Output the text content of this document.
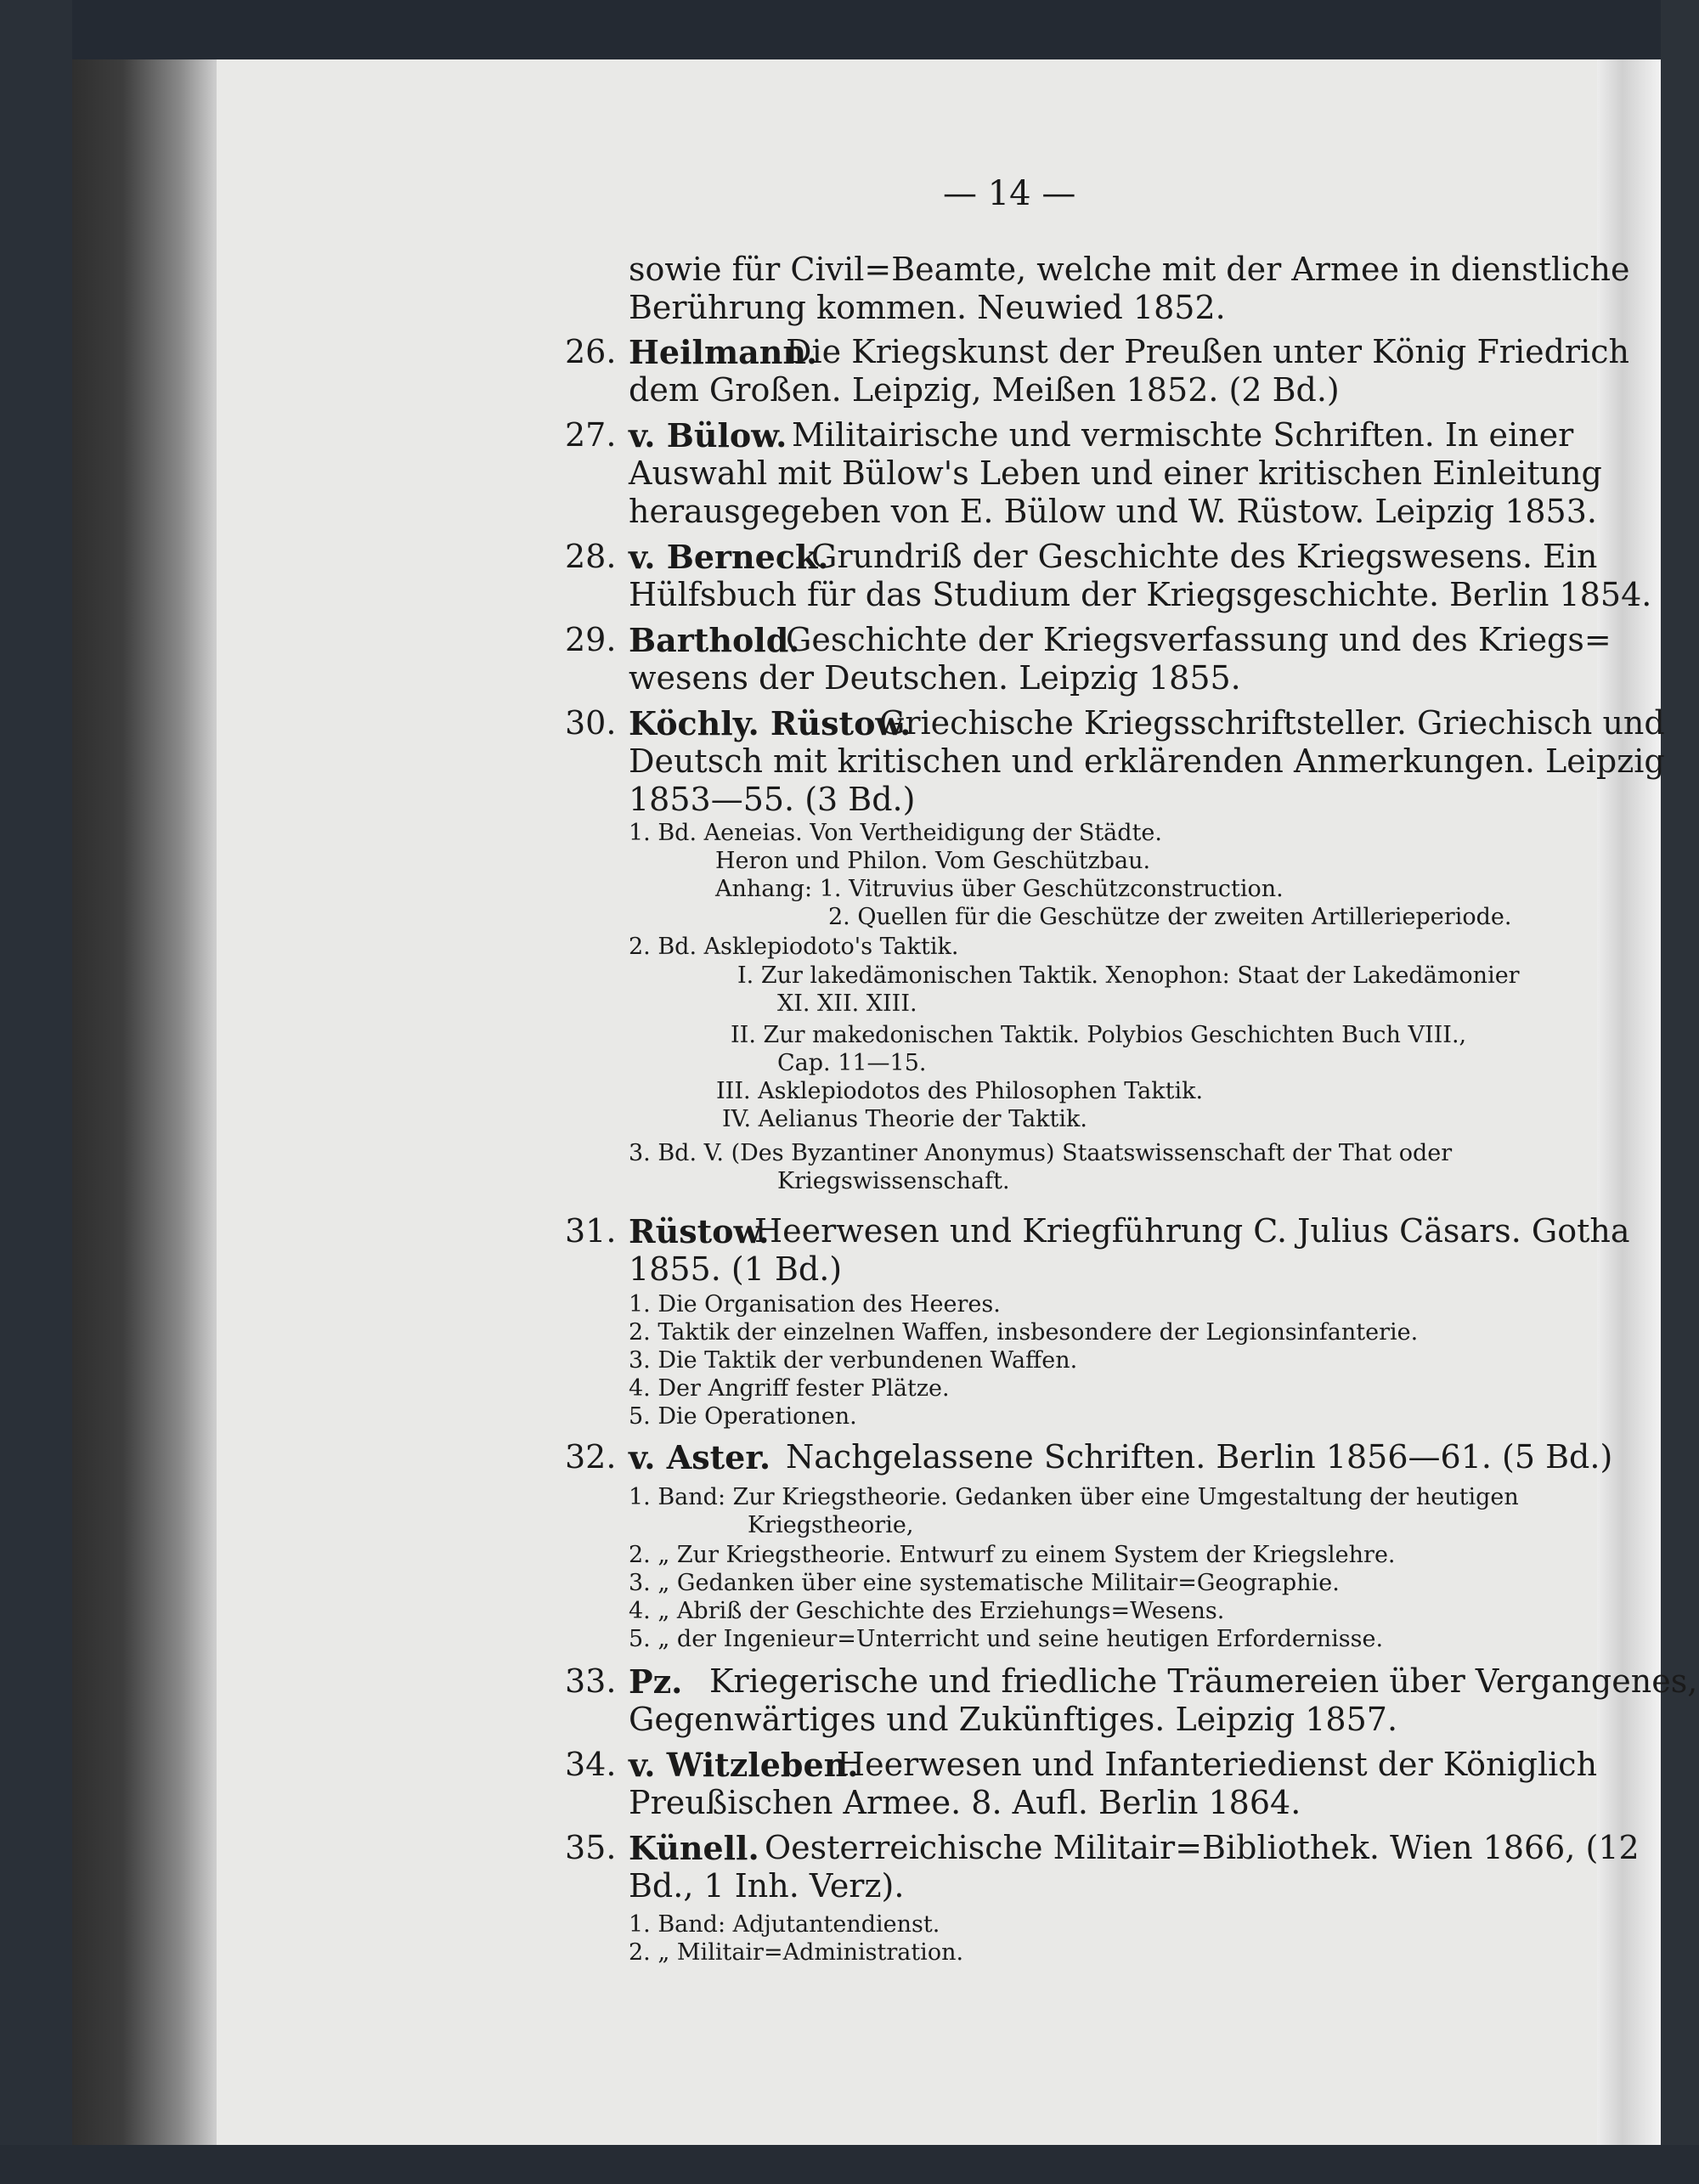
— 14 —
sowie für Civil=Beamte, welche mit der Armee in dienstliche
Berührung kommen. Neuwied 1852.
26. Heilmann.
Die Kriegskunst der Preußen unter König Friedrich
dem Großen. Leipzig, Meißen 1852. (2 Bd.)
27. v. Bülow. Militairische und vermischte Schriften. In einer
Auswahl mit Bülow's Leben und einer kritischen Einleitung
herausgegeben von E. Bülow und W. Rüstow. Leipzig 1853.
28. v. Berneck.
Grundriß der Geschichte des Kriegswesens. Ein
Hülfsbuch für das Studium der Kriegsgeschichte. Berlin 1854.
29. Barthold.
Geschichte der Kriegsverfassung und des Kriegs=
wesens der Deutschen. Leipzig 1855.
30. Köchly. Rüstow.
Griechische Kriegsschriftsteller. Griechisch und
Deutsch mit kritischen und erklärenden Anmerkungen. Leipzig
1853—55. (3 Bd.)
1. Bd. Aeneias. Von Vertheidigung der Städte.
Heron und Philon. Vom Geschützbau.
Anhang: 1. Vitruvius über Geschützconstruction.
2. Quellen für die Geschütze der zweiten Artillerieperiode.
2. Bd. Asklepiodoto's Taktik.
I. Zur lakedämonischen Taktik. Xenophon: Staat der Lakedämonier
XI. XII. XIII.
II. Zur makedonischen Taktik. Polybios Geschichten Buch VIII.,
Cap. 11—15.
III. Asklepiodotos des Philosophen Taktik.
IV. Aelianus Theorie der Taktik.
3. Bd. V. (Des Byzantiner Anonymus) Staatswissenschaft der That oder
Kriegswissenschaft.
31. Rüstow.
Heerwesen und Kriegführung C. Julius Cäsars. Gotha
1855. (1 Bd.)
1. Die Organisation des Heeres.
2. Taktik der einzelnen Waffen, insbesondere der Legionsinfanterie.
3. Die Taktik der verbundenen Waffen.
4. Der Angriff fester Plätze.
5. Die Operationen.
32. v. Aster. Nachgelassene Schriften. Berlin 1856—61. (5 Bd.)
1. Band: Zur Kriegstheorie. Gedanken über eine Umgestaltung der heutigen
Kriegstheorie,
2. „ Zur Kriegstheorie. Entwurf zu einem System der Kriegslehre.
3. „ Gedanken über eine systematische Militair=Geographie.
4. „ Abriß der Geschichte des Erziehungs=Wesens.
5. „ der Ingenieur=Unterricht und seine heutigen Erfordernisse.
33. Pz. Kriegerische und friedliche Träumereien über Vergangenes,
Gegenwärtiges und Zukünftiges. Leipzig 1857.
34. v. Witzleben.
Heerwesen und Infanteriedienst der Königlich
Preußischen Armee. 8. Aufl. Berlin 1864.
35. Künell. Oesterreichische Militair=Bibliothek. Wien 1866, (12
Bd., 1 Inh. Verz).
1. Band: Adjutantendienst.
2. „ Militair=Administration.
